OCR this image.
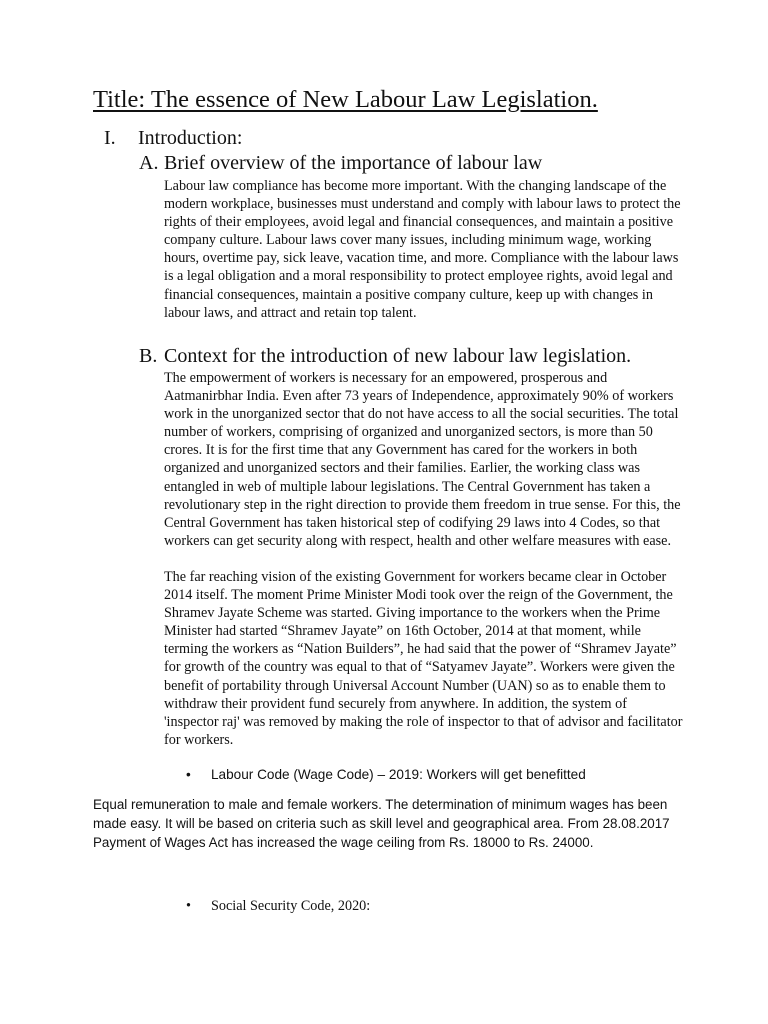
Title: The essence of New Labour Law Legislation.
I. Introduction:
A. Brief overview of the importance of labour law

Labour law compliance has become more important. With the changing landscape of the modern workplace, businesses must understand and comply with labour laws to protect the rights of their employees, avoid legal and financial consequences, and maintain a positive company culture. Labour laws cover many issues, including minimum wage, working hours, overtime pay, sick leave, vacation time, and more. Compliance with the labour laws is a legal obligation and a moral responsibility to protect employee rights, avoid legal and financial consequences, maintain a positive company culture, keep up with changes in labour laws, and attract and retain top talent.

B. Context for the introduction of new labour law legislation.

The empowerment of workers is necessary for an empowered, prosperous and Aatmanirbhar India. Even after 73 years of Independence, approximately 90% of workers work in the unorganized sector that do not have access to all the social securities. The total number of workers, comprising of organized and unorganized sectors, is more than 50 crores. It is for the first time that any Government has cared for the workers in both organized and unorganized sectors and their families. Earlier, the working class was entangled in web of multiple labour legislations. The Central Government has taken a revolutionary step in the right direction to provide them freedom in true sense. For this, the Central Government has taken historical step of codifying 29 laws into 4 Codes, so that workers can get security along with respect, health and other welfare measures with ease.

The far reaching vision of the existing Government for workers became clear in October 2014 itself. The moment Prime Minister Modi took over the reign of the Government, the Shramev Jayate Scheme was started. Giving importance to the workers when the Prime Minister had started “Shramev Jayate” on 16th October, 2014 at that moment, while terming the workers as “Nation Builders”, he had said that the power of “Shramev Jayate” for growth of the country was equal to that of “Satyamev Jayate”. Workers were given the benefit of portability through Universal Account Number (UAN) so as to enable them to withdraw their provident fund securely from anywhere. In addition, the system of 'inspector raj' was removed by making the role of inspector to that of advisor and facilitator for workers.

• Labour Code (Wage Code) – 2019: Workers will get benefitted

Equal remuneration to male and female workers. The determination of minimum wages has been made easy. It will be based on criteria such as skill level and geographical area. From 28.08.2017 Payment of Wages Act has increased the wage ceiling from Rs. 18000 to Rs. 24000.

• Social Security Code, 2020:
